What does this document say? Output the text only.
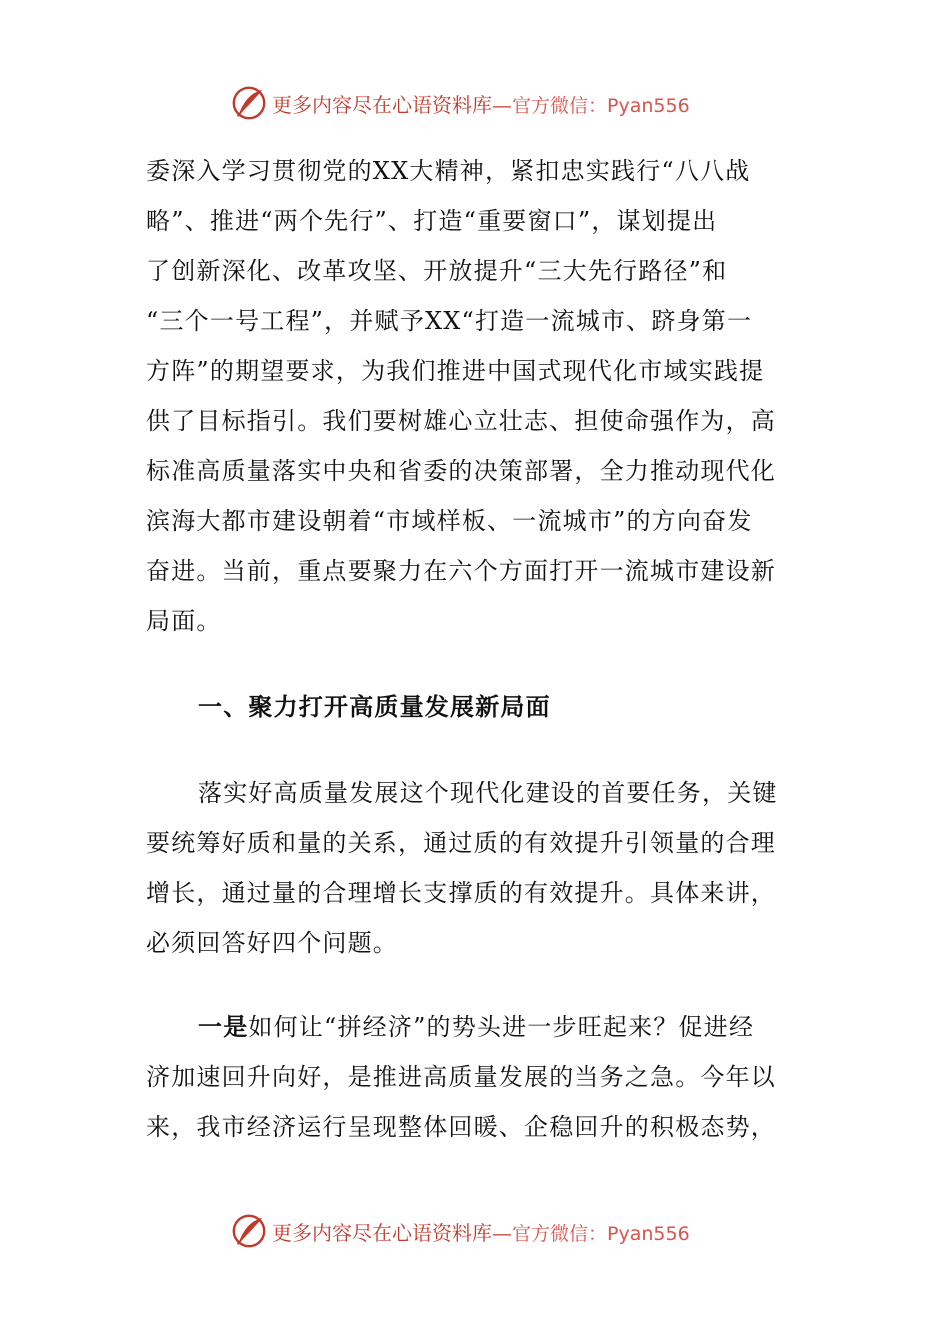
更多内容尽在心语资料库—官方微信：Pyan556
委深入学习贯彻党的XX大精神，紧扣忠实践行“八八战
略”、推进“两个先行”、打造“重要窗口”，谋划提出
了创新深化、改革攻坚、开放提升“三大先行路径”和
“三个一号工程”，并赋予XX“打造一流城市、跻身第一
方阵”的期望要求，为我们推进中国式现代化市域实践提
供了目标指引。我们要树雄心立壮志、担使命强作为，高
标准高质量落实中央和省委的决策部署，全力推动现代化
滨海大都市建设朝着“市域样板、一流城市”的方向奋发
奋进。当前，重点要聚力在六个方面打开一流城市建设新
局面。
一、聚力打开高质量发展新局面
落实好高质量发展这个现代化建设的首要任务，关键
要统筹好质和量的关系，通过质的有效提升引领量的合理
增长，通过量的合理增长支撑质的有效提升。具体来讲，
必须回答好四个问题。
一是如何让“拼经济”的势头进一步旺起来？促进经
济加速回升向好，是推进高质量发展的当务之急。今年以
来，我市经济运行呈现整体回暖、企稳回升的积极态势，
更多内容尽在心语资料库—官方微信：Pyan556
